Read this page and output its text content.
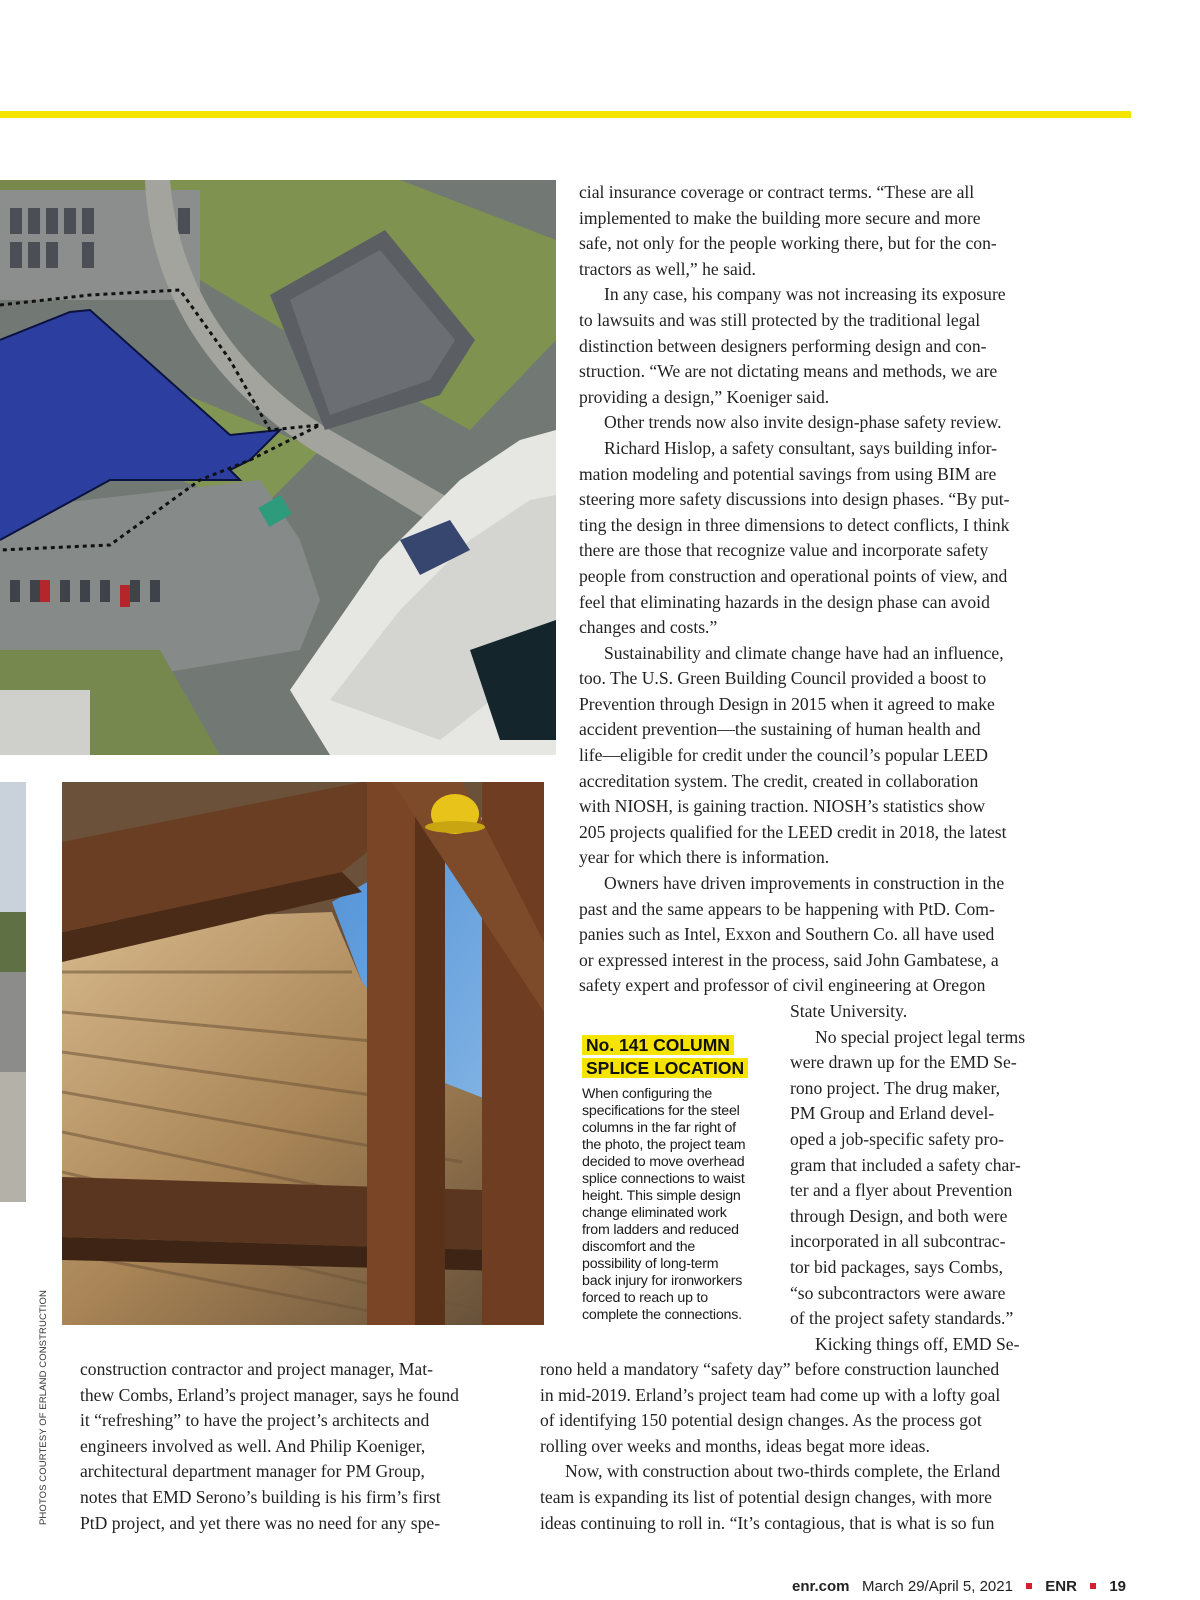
No. 141 COLUMN
SPLICE LOCATION
When configuring the
specifications for the steel
columns in the far right of
the photo, the project team
decided to move overhead
splice connections to waist
height. This simple design
change eliminated work
from ladders and reduced
discomfort and the
possibility of long-term
back injury for ironworkers
forced to reach up to
complete the connections.
cial insurance coverage or contract terms. “These are all
implemented to make the building more secure and more
safe, not only for the people working there, but for the con-
tractors as well,” he said.
In any case, his company was not increasing its exposure
to lawsuits and was still protected by the traditional legal
distinction between designers performing design and con-
struction. “We are not dictating means and methods, we are
providing a design,” Koeniger said.
Other trends now also invite design-phase safety review.
Richard Hislop, a safety consultant, says building infor-
mation modeling and potential savings from using BIM are
steering more safety discussions into design phases. “By put-
ting the design in three dimensions to detect conflicts, I think
there are those that recognize value and incorporate safety
people from construction and operational points of view, and
feel that eliminating hazards in the design phase can avoid
changes and costs.”
Sustainability and climate change have had an influence,
too. The U.S. Green Building Council provided a boost to
Prevention through Design in 2015 when it agreed to make
accident prevention—the sustaining of human health and
life—eligible for credit under the council’s popular LEED
accreditation system. The credit, created in collaboration
with NIOSH, is gaining traction. NIOSH’s statistics show
205 projects qualified for the LEED credit in 2018, the latest
year for which there is information.
Owners have driven improvements in construction in the
past and the same appears to be happening with PtD. Com-
panies such as Intel, Exxon and Southern Co. all have used
or expressed interest in the process, said John Gambatese, a
safety expert and professor of civil engineering at Oregon
State University.
No special project legal terms
were drawn up for the EMD Se-
rono project. The drug maker,
PM Group and Erland devel-
oped a job-specific safety pro-
gram that included a safety char-
ter and a flyer about Prevention
through Design, and both were
incorporated in all subcontrac-
tor bid packages, says Combs,
“so subcontractors were aware
of the project safety standards.”
Kicking things off, EMD Se-
rono held a mandatory “safety day” before construction launched
in mid-2019. Erland’s project team had come up with a lofty goal
of identifying 150 potential design changes. As the process got
rolling over weeks and months, ideas begat more ideas.
Now, with construction about two-thirds complete, the Erland
team is expanding its list of potential design changes, with more
ideas continuing to roll in. “It’s contagious, that is what is so fun
construction contractor and project manager, Mat-
thew Combs, Erland’s project manager, says he found
it “refreshing” to have the project’s architects and
engineers involved as well. And Philip Koeniger,
architectural department manager for PM Group,
notes that EMD Serono’s building is his firm’s first
PtD project, and yet there was no need for any spe-
PHOTOS COURTESY OF ERLAND CONSTRUCTION
enr.com March 29/April 5, 2021 ENR 19
